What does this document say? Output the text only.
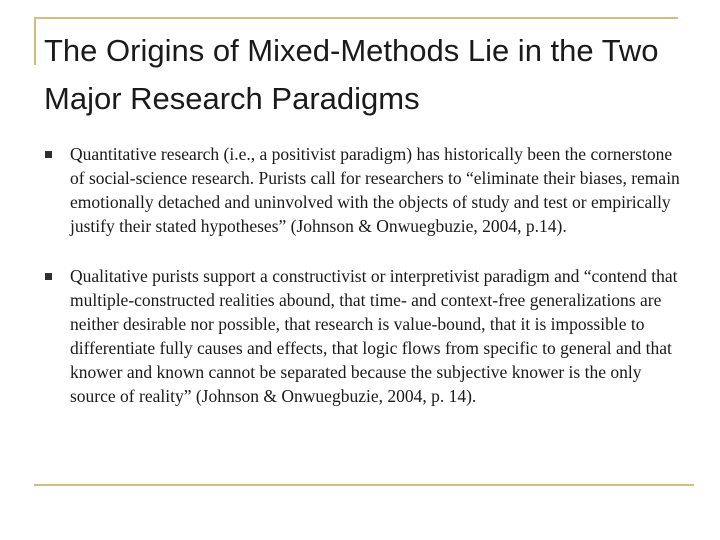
The Origins of Mixed-Methods Lie in the Two Major Research Paradigms
Quantitative research (i.e., a positivist paradigm) has historically been the cornerstone of social-science research. Purists call for researchers to “eliminate their biases, remain emotionally detached and uninvolved with the objects of study and test or empirically justify their stated hypotheses” (Johnson & Onwuegbuzie, 2004, p.14).
Qualitative purists support a constructivist or interpretivist paradigm and “contend that multiple-constructed realities abound, that time- and context-free generalizations are neither desirable nor possible, that research is value-bound, that it is impossible to differentiate fully causes and effects, that logic flows from specific to general and that knower and known cannot be separated because the subjective knower is the only source of reality” (Johnson & Onwuegbuzie, 2004, p. 14).
